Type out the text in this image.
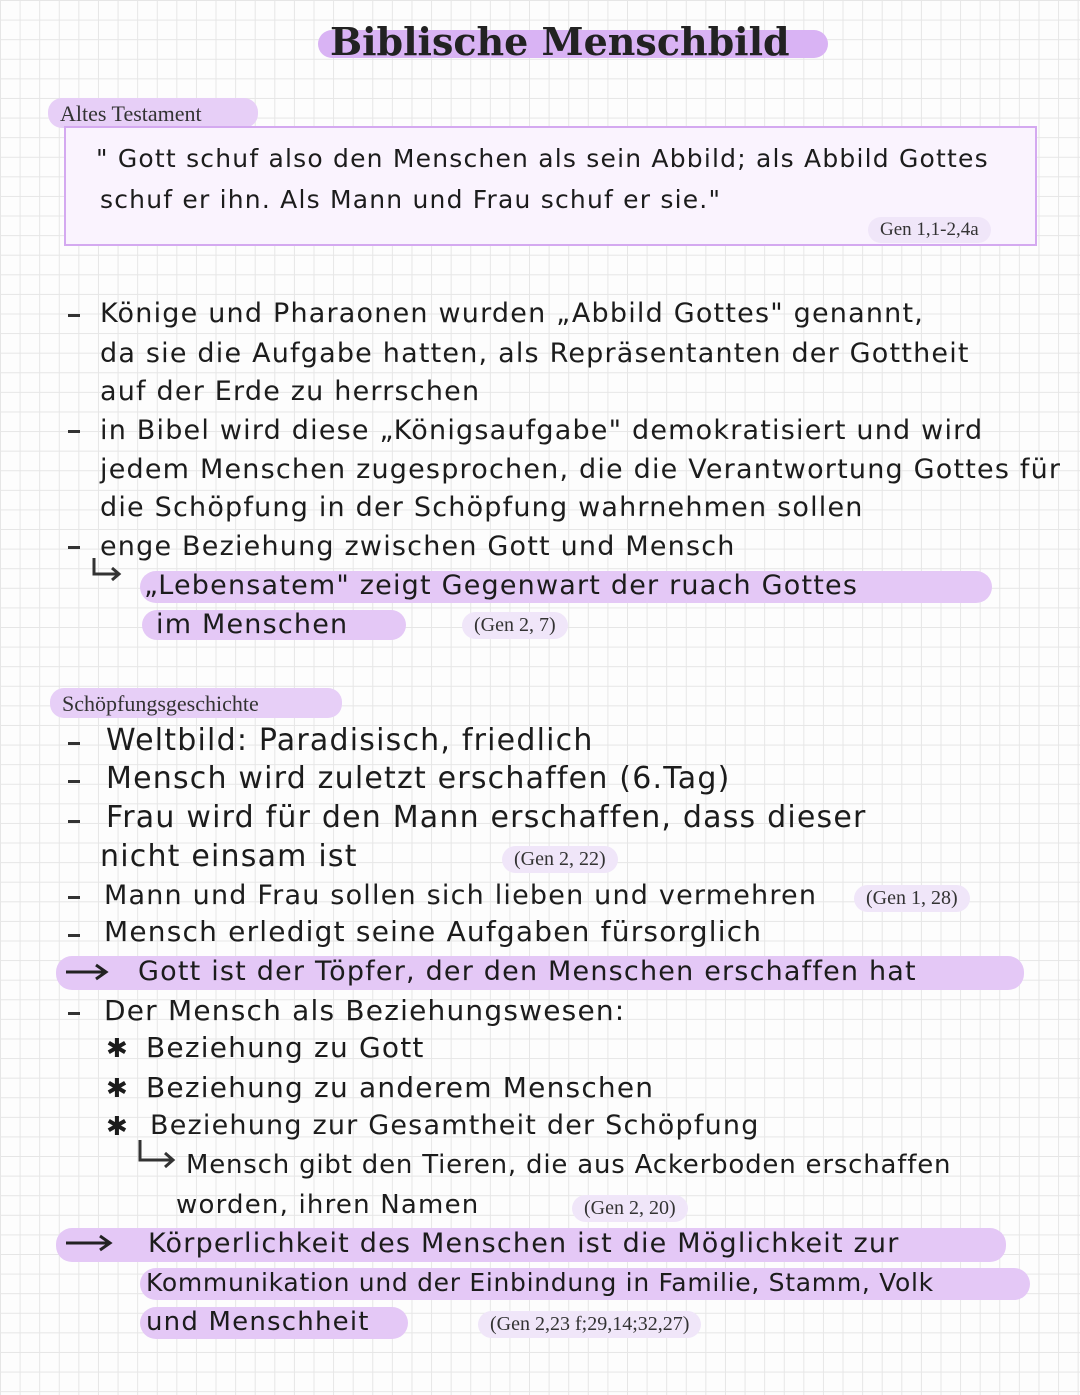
Biblische Menschbild
Altes Testament
" Gott schuf also den Menschen als sein Abbild; als Abbild Gottes
schuf er ihn. Als Mann und Frau schuf er sie."
Gen 1,1-2,4a
Könige und Pharaonen wurden „Abbild Gottes" genannt,
da sie die Aufgabe hatten, als Repräsentanten der Gottheit
auf der Erde zu herrschen
in Bibel wird diese „Königsaufgabe" demokratisiert und wird
jedem Menschen zugesprochen, die die Verantwortung Gottes für
die Schöpfung in der Schöpfung wahrnehmen sollen
enge Beziehung zwischen Gott und Mensch
„Lebensatem" zeigt Gegenwart der ruach Gottes
im Menschen	(Gen 2, 7)
Schöpfungsgeschichte
Weltbild: Paradisisch, friedlich
Mensch wird zuletzt erschaffen (6.Tag)
Frau wird für den Mann erschaffen, dass dieser
nicht einsam ist	(Gen 2, 22)
Mann und Frau sollen sich lieben und vermehren	(Gen 1, 28)
Mensch erledigt seine Aufgaben fürsorglich
Gott ist der Töpfer, der den Menschen erschaffen hat
Der Mensch als Beziehungswesen:
✱ Beziehung zu Gott
✱ Beziehung zu anderem Menschen
✱ Beziehung zur Gesamtheit der Schöpfung
Mensch gibt den Tieren, die aus Ackerboden erschaffen
worden, ihren Namen	(Gen 2, 20)
Körperlichkeit des Menschen ist die Möglichkeit zur
Kommunikation und der Einbindung in Familie, Stamm, Volk
und Menschheit	(Gen 2,23 f;29,14;32,27)
